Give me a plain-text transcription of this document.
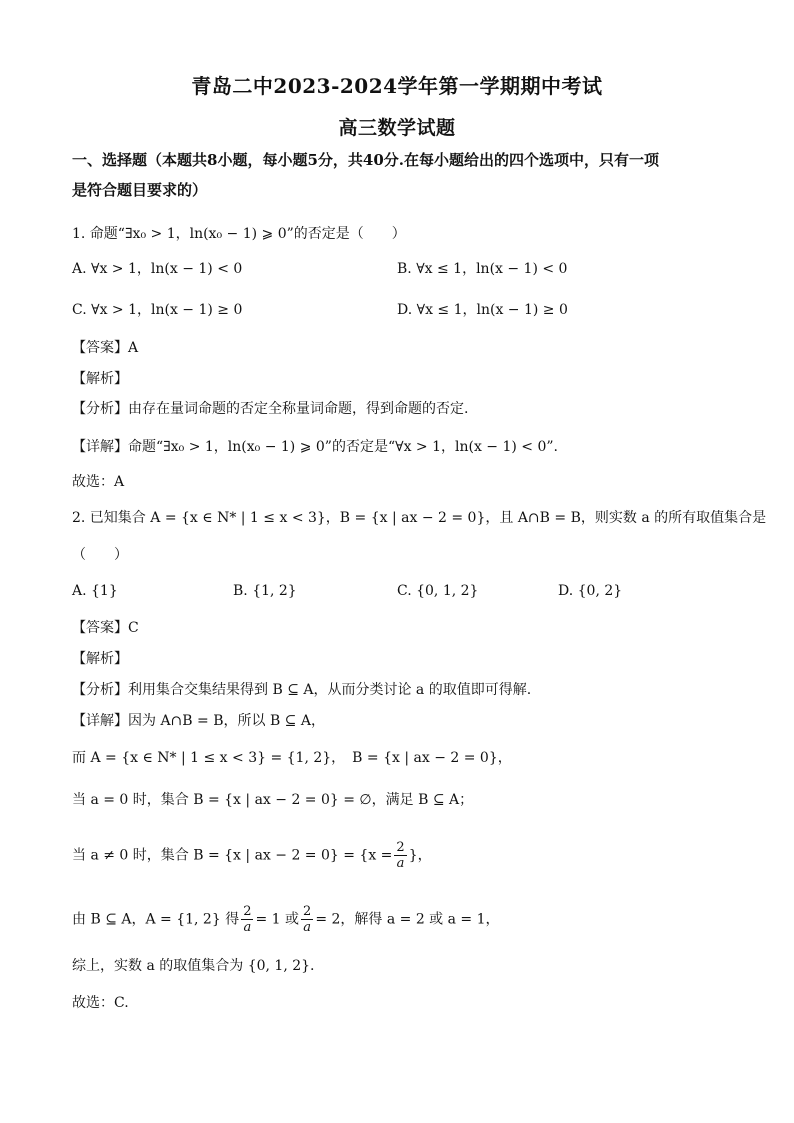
青岛二中2023-2024学年第一学期期中考试
高三数学试题
一、选择题（本题共8小题，每小题5分，共40分.在每小题给出的四个选项中，只有一项
是符合题目要求的）
1. 命题“∃x₀ > 1，ln(x₀ − 1) ⩾ 0”的否定是（　　）
A. ∀x > 1，ln(x − 1) < 0	B. ∀x ≤ 1，ln(x − 1) < 0
C. ∀x > 1，ln(x − 1) ≥ 0	D. ∀x ≤ 1，ln(x − 1) ≥ 0
【答案】A
【解析】
【分析】由存在量词命题的否定全称量词命题，得到命题的否定.
【详解】命题“∃x₀ > 1，ln(x₀ − 1) ⩾ 0”的否定是“∀x > 1，ln(x − 1) < 0”.
故选：A
2. 已知集合 A = {x ∈ N* | 1 ≤ x < 3}，B = {x | ax − 2 = 0}，且 A∩B = B，则实数 a 的所有取值集合是
（　　）
A. {1}	B. {1, 2}	C. {0, 1, 2}	D. {0, 2}
【答案】C
【解析】
【分析】利用集合交集结果得到 B ⊆ A，从而分类讨论 a 的取值即可得解.
【详解】因为 A∩B = B，所以 B ⊆ A，
而 A = {x ∈ N* | 1 ≤ x < 3} = {1, 2}，　B = {x | ax − 2 = 0}，
当 a = 0 时，集合 B = {x | ax − 2 = 0} = ∅，满足 B ⊆ A；
当 a ≠ 0 时，集合 B = {x | ax − $2 = 0\} = \{x = \frac{2}{a}$ }，
由 B ⊆ A，A = {1, 2} 得 $\frac{2}{a} = 1$ 或 $\frac{2}{a} = 2$，解得 a = 2 或 a = 1，
综上，实数 a 的取值集合为 {0, 1, 2}.
故选：C.
